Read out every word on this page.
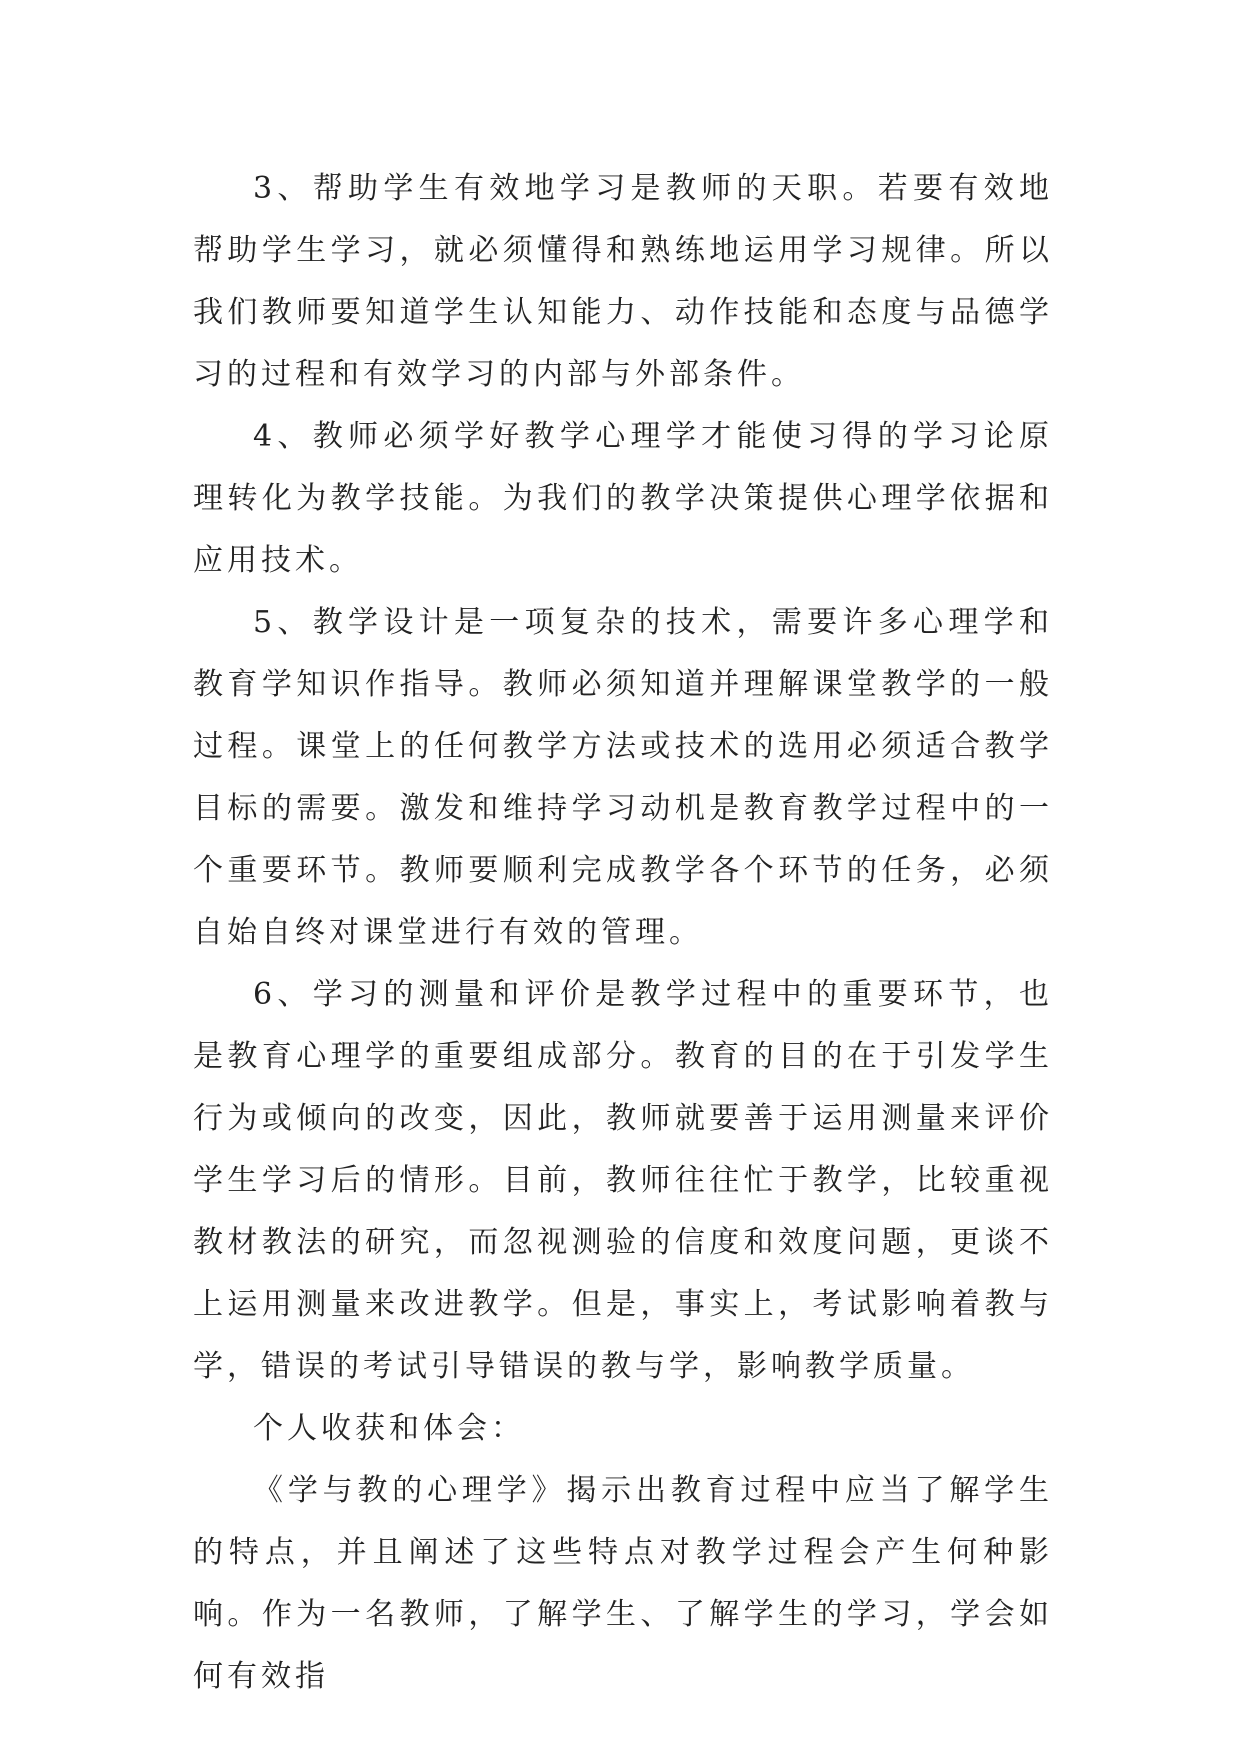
3、帮助学生有效地学习是教师的天职。若要有效地帮助学生学习，就必须懂得和熟练地运用学习规律。所以我们教师要知道学生认知能力、动作技能和态度与品德学习的过程和有效学习的内部与外部条件。

4、教师必须学好教学心理学才能使习得的学习论原理转化为教学技能。为我们的教学决策提供心理学依据和应用技术。

5、教学设计是一项复杂的技术，需要许多心理学和教育学知识作指导。教师必须知道并理解课堂教学的一般过程。课堂上的任何教学方法或技术的选用必须适合教学目标的需要。激发和维持学习动机是教育教学过程中的一个重要环节。教师要顺利完成教学各个环节的任务，必须自始自终对课堂进行有效的管理。

6、学习的测量和评价是教学过程中的重要环节，也是教育心理学的重要组成部分。教育的目的在于引发学生行为或倾向的改变，因此，教师就要善于运用测量来评价学生学习后的情形。目前，教师往往忙于教学，比较重视教材教法的研究，而忽视测验的信度和效度问题，更谈不上运用测量来改进教学。但是，事实上，考试影响着教与学，错误的考试引导错误的教与学，影响教学质量。

个人收获和体会：

《学与教的心理学》揭示出教育过程中应当了解学生的特点，并且阐述了这些特点对教学过程会产生何种影响。作为一名教师，了解学生、了解学生的学习，学会如何有效指
